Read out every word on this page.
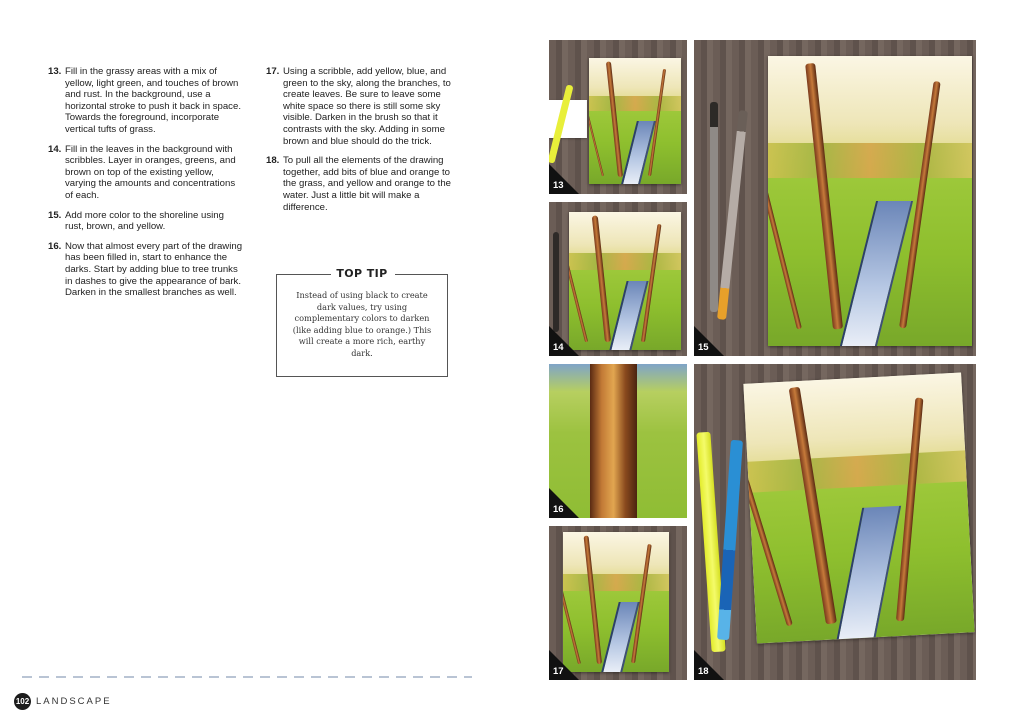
13. Fill in the grassy areas with a mix of yellow, light green, and touches of brown and rust. In the background, use a horizontal stroke to push it back in space. Towards the foreground, incorporate vertical tufts of grass.
14. Fill in the leaves in the background with scribbles. Layer in oranges, greens, and brown on top of the existing yellow, varying the amounts and concentrations of each.
15. Add more color to the shoreline using rust, brown, and yellow.
16. Now that almost every part of the drawing has been filled in, start to enhance the darks. Start by adding blue to tree trunks in dashes to give the appearance of bark. Darken in the smallest branches as well.
17. Using a scribble, add yellow, blue, and green to the sky, along the branches, to create leaves. Be sure to leave some white space so there is still some sky visible. Darken in the brush so that it contrasts with the sky. Adding in some brown and blue should do the trick.
18. To pull all the elements of the drawing together, add bits of blue and orange to the grass, and yellow and orange to the water. Just a little bit will make a difference.
TOP TIP
Instead of using black to create dark values, try using complementary colors to darken (like adding blue to orange.) This will create a more rich, earthy dark.
102 LANDSCAPE
13
14	15
16
17	18
